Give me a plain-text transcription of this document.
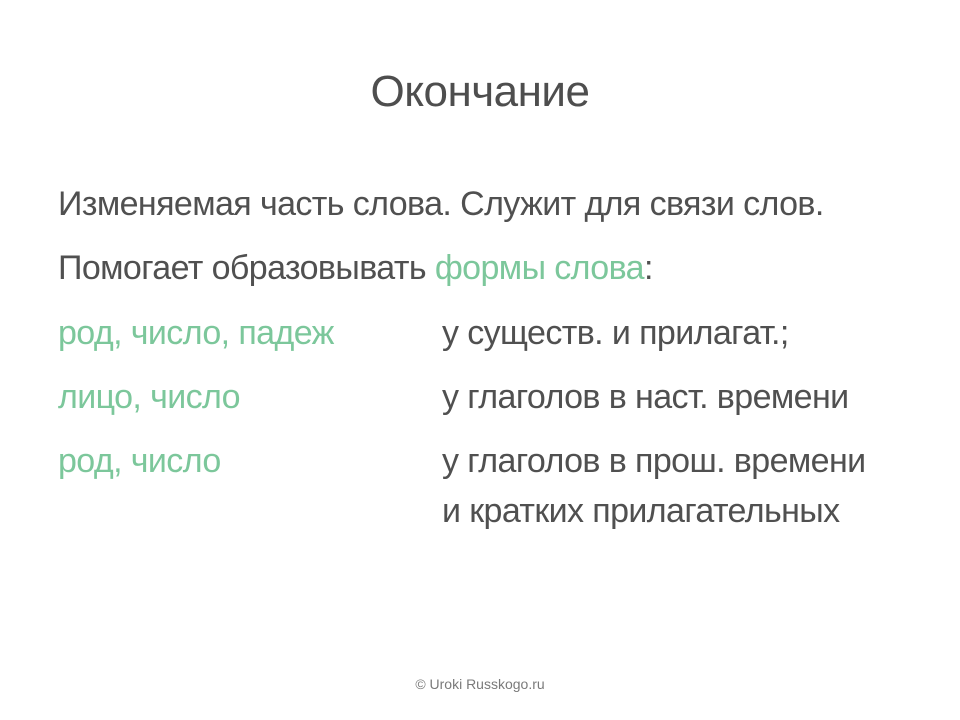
Окончание
Изменяемая часть слова. Служит для связи слов.
Помогает образовывать формы слова:
род, число, падеж	у существ. и прилагат.;
лицо, число	у глаголов в наст. времени
род, число	у глаголов в прош. времени
и кратких прилагательных
© Uroki Russkogo.ru
